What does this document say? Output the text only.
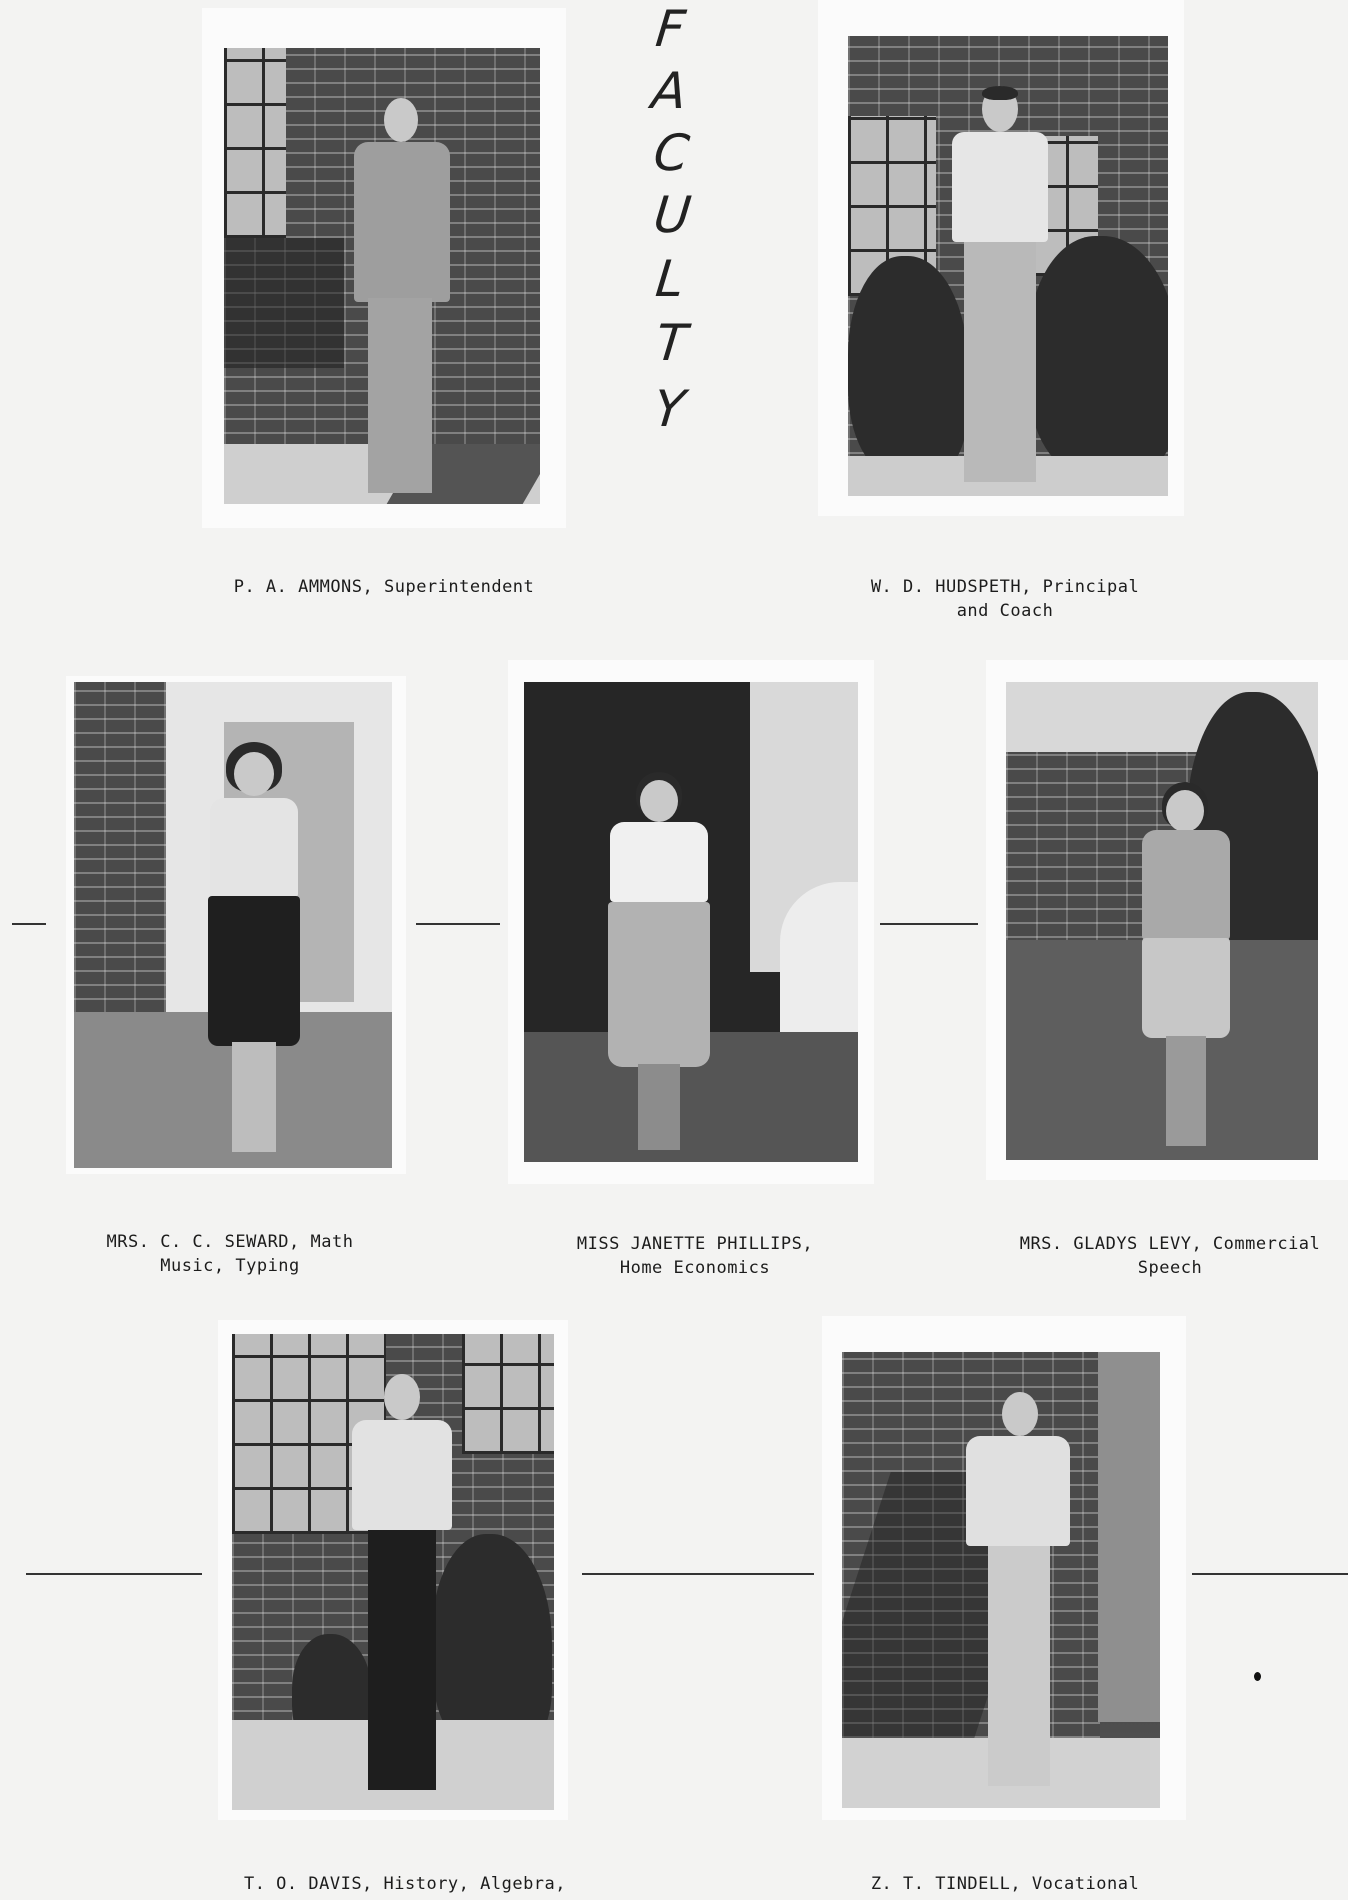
F
A
C
U
L
T
Y
P. A. AMMONS, Superintendent	W. D. HUDSPETH, Principal
and Coach
MRS. C. C. SEWARD, Math
Music, Typing
MISS JANETTE PHILLIPS,
Home Economics
MRS. GLADYS LEVY, Commercial
Speech
T. O. DAVIS, History, Algebra,	Z. T. TINDELL, Vocational
